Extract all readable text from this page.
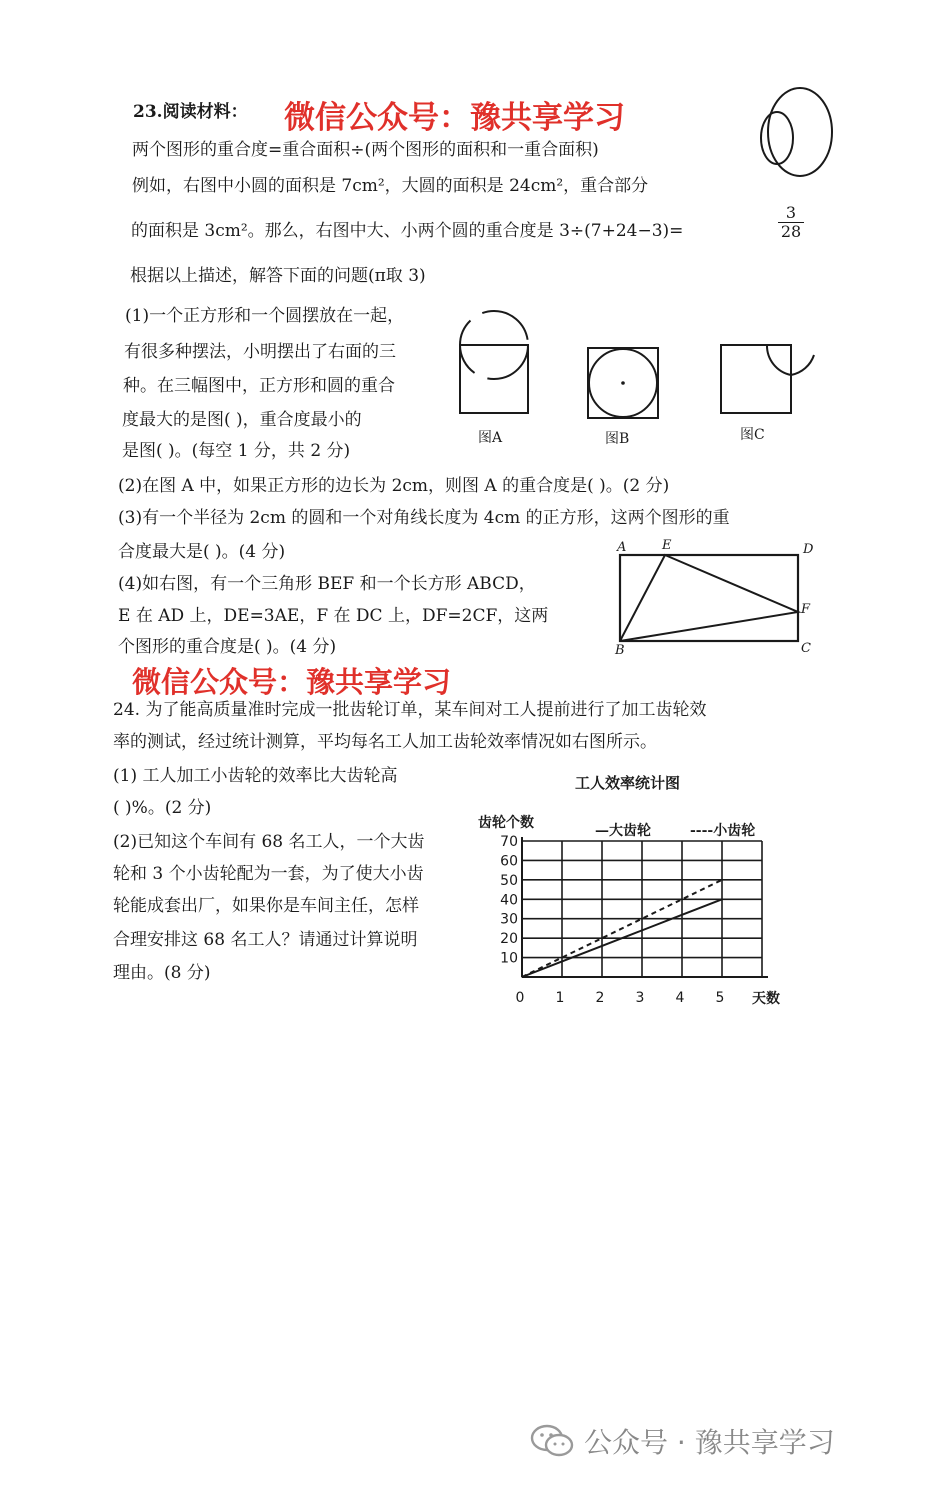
微信公众号：豫共享学习
微信公众号：豫共享学习
23.阅读材料：
两个图形的重合度=重合面积÷(两个图形的面积和一重合面积)
例如，右图中小圆的面积是 7cm²，大圆的面积是 24cm²，重合部分
的面积是 3cm²。那么，右图中大、小两个圆的重合度是 3÷(7+24−3)=	$\frac{3}{28}$
根据以上描述，解答下面的问题(π取 3)
(1)一个正方形和一个圆摆放在一起，
有很多种摆法，小明摆出了右面的三
种。在三幅图中，正方形和圆的重合
度最大的是图( )，重合度最小的
是图( )。(每空 1 分，共 2 分)
图A	图B	图C
(2)在图 A 中，如果正方形的边长为 2cm，则图 A 的重合度是( )。(2 分)
(3)有一个半径为 2cm 的圆和一个对角线长度为 4cm 的正方形，这两个图形的重
合度最大是( )。(4 分)
(4)如右图，有一个三角形 BEF 和一个长方形 ABCD，
E 在 AD 上，DE=3AE，F 在 DC 上，DF=2CF，这两
个图形的重合度是( )。(4 分)
A	E	D
F
B	C
24. 为了能高质量准时完成一批齿轮订单，某车间对工人提前进行了加工齿轮效
率的测试，经过统计测算，平均每名工人加工齿轮效率情况如右图所示。
(1) 工人加工小齿轮的效率比大齿轮高
( )%。(2 分)
(2)已知这个车间有 68 名工人，一个大齿
轮和 3 个小齿轮配为一套，为了使大小齿
轮能成套出厂，如果你是车间主任，怎样
合理安排这 68 名工人？请通过计算说明
理由。(8 分)
工人效率统计图
齿轮个数	—大齿轮	----小齿轮
天数
10
20
30
40
50
60
70
0 1 2 3 4 5
公众号 · 豫共享学习
